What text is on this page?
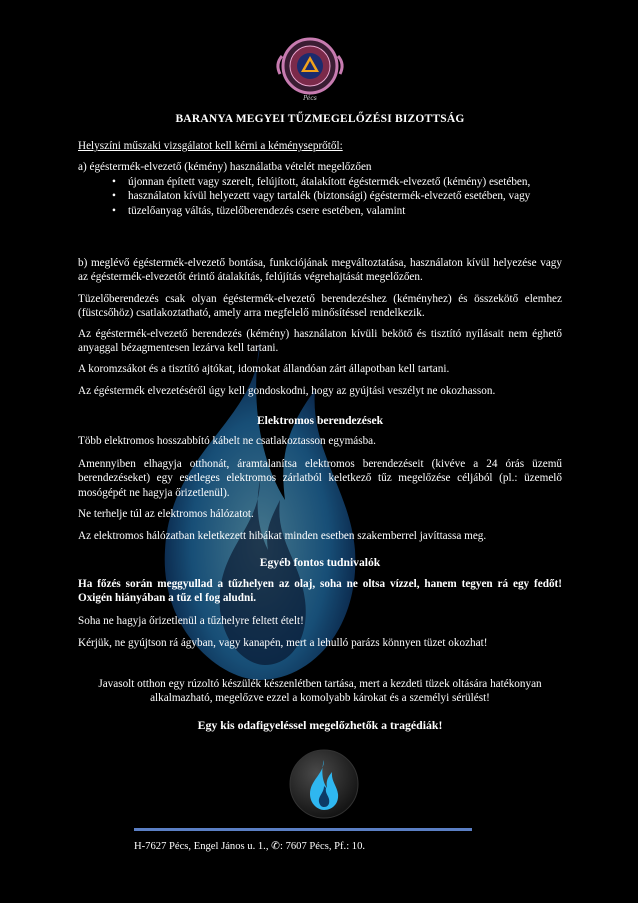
Pécs
BARANYA MEGYEI TŰZMEGELŐZÉSI BIZOTTSÁG
Helyszíni műszaki vizsgálatot kell kérni a kéményseprőtől:
a) égéstermék-elvezető (kémény) használatba vételét megelőzően
• újonnan épített vagy szerelt, felújított, átalakított égéstermék-elvezető (kémény) esetében,
• használaton kívül helyezett vagy tartalék (biztonsági) égéstermék-elvezető esetében, vagy
• tüzelőanyag váltás, tüzelőberendezés csere esetében, valamint
b) meglévő égéstermék-elvezető bontása, funkciójának megváltoztatása, használaton kívül helyezése vagy az égéstermék-elvezetőt érintő átalakítás, felújítás végrehajtását megelőzően.
Tüzelőberendezés csak olyan égéstermék-elvezető berendezéshez (kéményhez) és összekötő elemhez (füstcsőhöz) csatlakoztatható, amely arra megfelelő minősítéssel rendelkezik.
Az égéstermék-elvezető berendezés (kémény) használaton kívüli bekötő és tisztító nyílásait nem éghető anyaggal bézagmentesen lezárva kell tartani.
A koromzsákot és a tisztító ajtókat, idomokat állandóan zárt állapotban kell tartani.
Az égéstermék elvezetéséről úgy kell gondoskodni, hogy az gyújtási veszélyt ne okozhasson.
Elektromos berendezések
Több elektromos hosszabbító kábelt ne csatlakoztasson egymásba.
Amennyiben elhagyja otthonát, áramtalanítsa elektromos berendezéseit (kivéve a 24 órás üzemű berendezéseket) egy esetleges elektromos zárlatból keletkező tűz megelőzése céljából (pl.: üzemelő mosógépét ne hagyja őrizetlenül).
Ne terhelje túl az elektromos hálózatot.
Az elektromos hálózatban keletkezett hibákat minden esetben szakemberrel javíttassa meg.
Egyéb fontos tudnivalók
Ha főzés során meggyullad a tűzhelyen az olaj, soha ne oltsa vízzel, hanem tegyen rá egy fedőt! Oxigén hiányában a tűz el fog aludni.
Soha ne hagyja őrizetlenül a tűzhelyre feltett ételt!
Kérjük, ne gyújtson rá ágyban, vagy kanapén, mert a lehulló parázs könnyen tüzet okozhat!
Javasolt otthon egy rúzoltó készülék készenlétben tartása, mert a kezdeti tüzek oltására hatékonyan alkalmazható, megelőzve ezzel a komolyabb károkat és a személyi sérülést!
Egy kis odafigyeléssel megelőzhetők a tragédiák!
H-7627 Pécs, Engel János u. 1., ✆: 7607 Pécs, Pf.: 10.
